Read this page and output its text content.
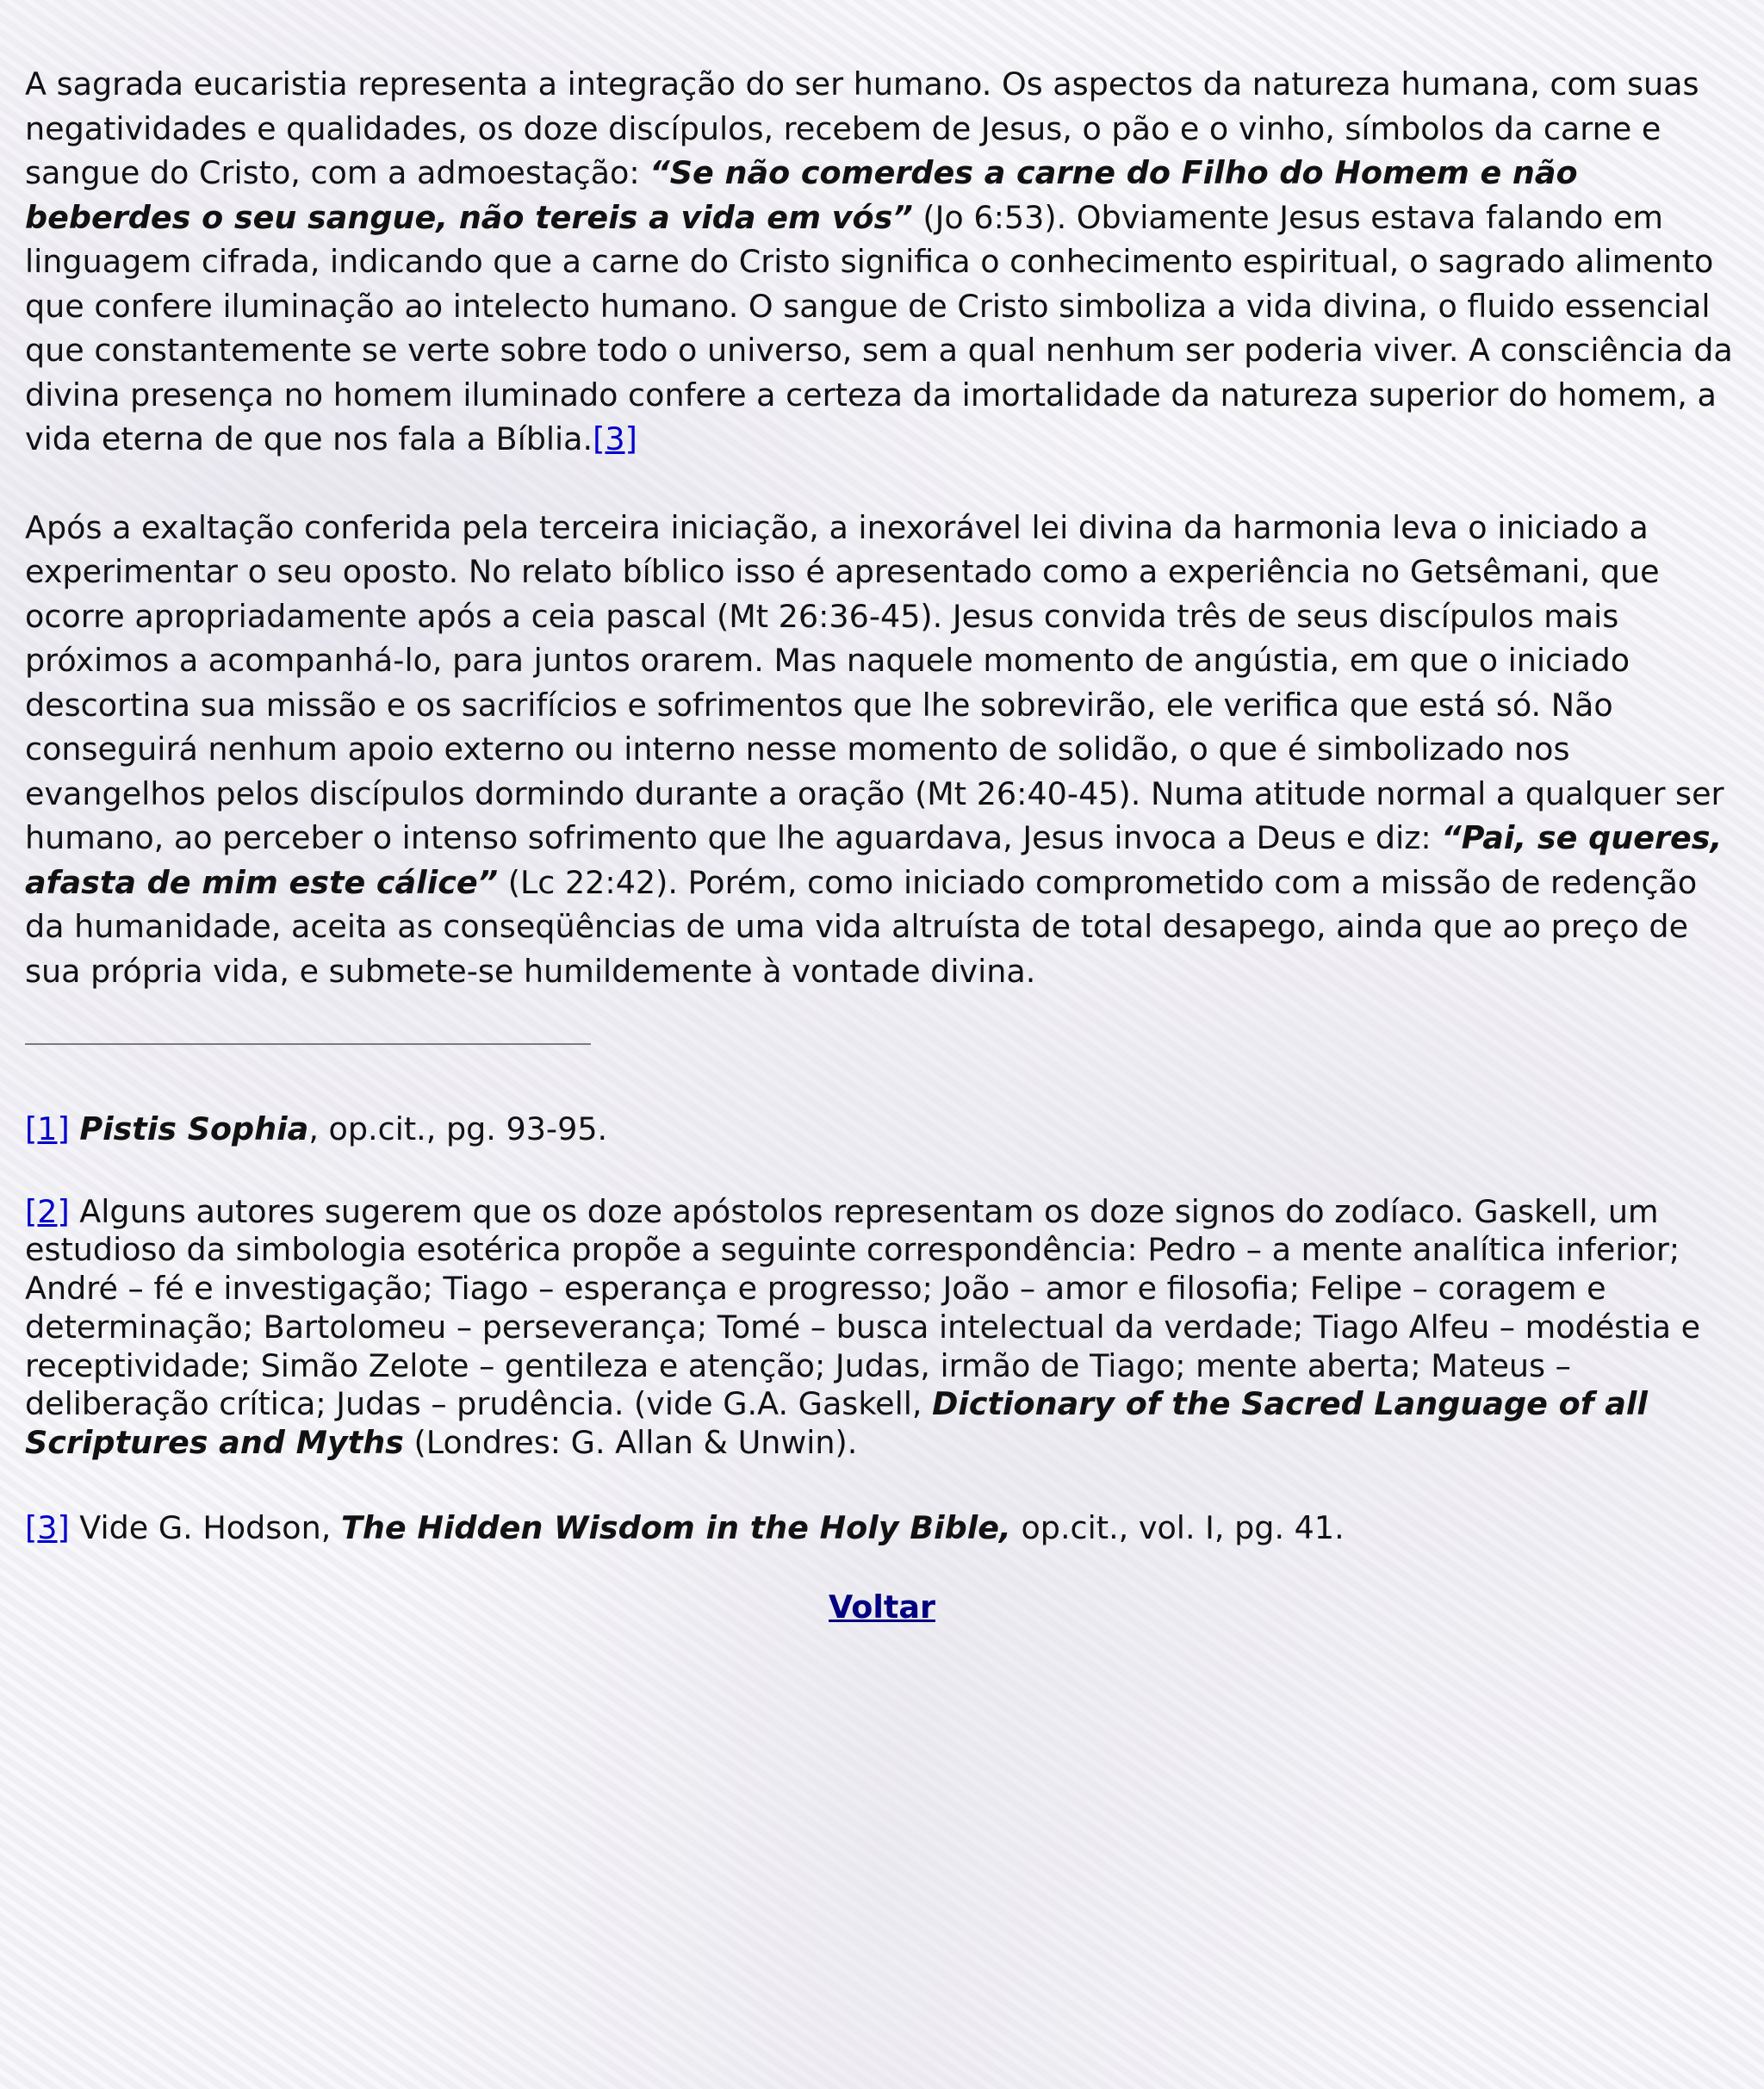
A sagrada eucaristia representa a integração do ser humano. Os aspectos da natureza humana, com suas negatividades e qualidades, os doze discípulos, recebem de Jesus, o pão e o vinho, símbolos da carne e sangue do Cristo, com a admoestação: “Se não comerdes a carne do Filho do Homem e não beberdes o seu sangue, não tereis a vida em vós” (Jo 6:53). Obviamente Jesus estava falando em linguagem cifrada, indicando que a carne do Cristo significa o conhecimento espiritual, o sagrado alimento que confere iluminação ao intelecto humano. O sangue de Cristo simboliza a vida divina, o fluido essencial que constantemente se verte sobre todo o universo, sem a qual nenhum ser poderia viver. A consciência da divina presença no homem iluminado confere a certeza da imortalidade da natureza superior do homem, a vida eterna de que nos fala a Bíblia.[3]

Após a exaltação conferida pela terceira iniciação, a inexorável lei divina da harmonia leva o iniciado a experimentar o seu oposto. No relato bíblico isso é apresentado como a experiência no Getsêmani, que ocorre apropriadamente após a ceia pascal (Mt 26:36-45). Jesus convida três de seus discípulos mais próximos a acompanhá-lo, para juntos orarem. Mas naquele momento de angústia, em que o iniciado descortina sua missão e os sacrifícios e sofrimentos que lhe sobrevirão, ele verifica que está só. Não conseguirá nenhum apoio externo ou interno nesse momento de solidão, o que é simbolizado nos evangelhos pelos discípulos dormindo durante a oração (Mt 26:40-45). Numa atitude normal a qualquer ser humano, ao perceber o intenso sofrimento que lhe aguardava, Jesus invoca a Deus e diz: “Pai, se queres, afasta de mim este cálice” (Lc 22:42). Porém, como iniciado comprometido com a missão de redenção da humanidade, aceita as conseqüências de uma vida altruísta de total desapego, ainda que ao preço de sua própria vida, e submete-se humildemente à vontade divina.

[1] Pistis Sophia, op.cit., pg. 93-95.

[2] Alguns autores sugerem que os doze apóstolos representam os doze signos do zodíaco. Gaskell, um estudioso da simbologia esotérica propõe a seguinte correspondência: Pedro – a mente analítica inferior; André – fé e investigação; Tiago – esperança e progresso; João – amor e filosofia; Felipe – coragem e determinação; Bartolomeu – perseverança; Tomé – busca intelectual da verdade; Tiago Alfeu – modéstia e receptividade; Simão Zelote – gentileza e atenção; Judas, irmão de Tiago; mente aberta; Mateus – deliberação crítica; Judas – prudência. (vide G.A. Gaskell, Dictionary of the Sacred Language of all Scriptures and Myths (Londres: G. Allan & Unwin).

[3] Vide G. Hodson, The Hidden Wisdom in the Holy Bible, op.cit., vol. I, pg. 41.

Voltar
